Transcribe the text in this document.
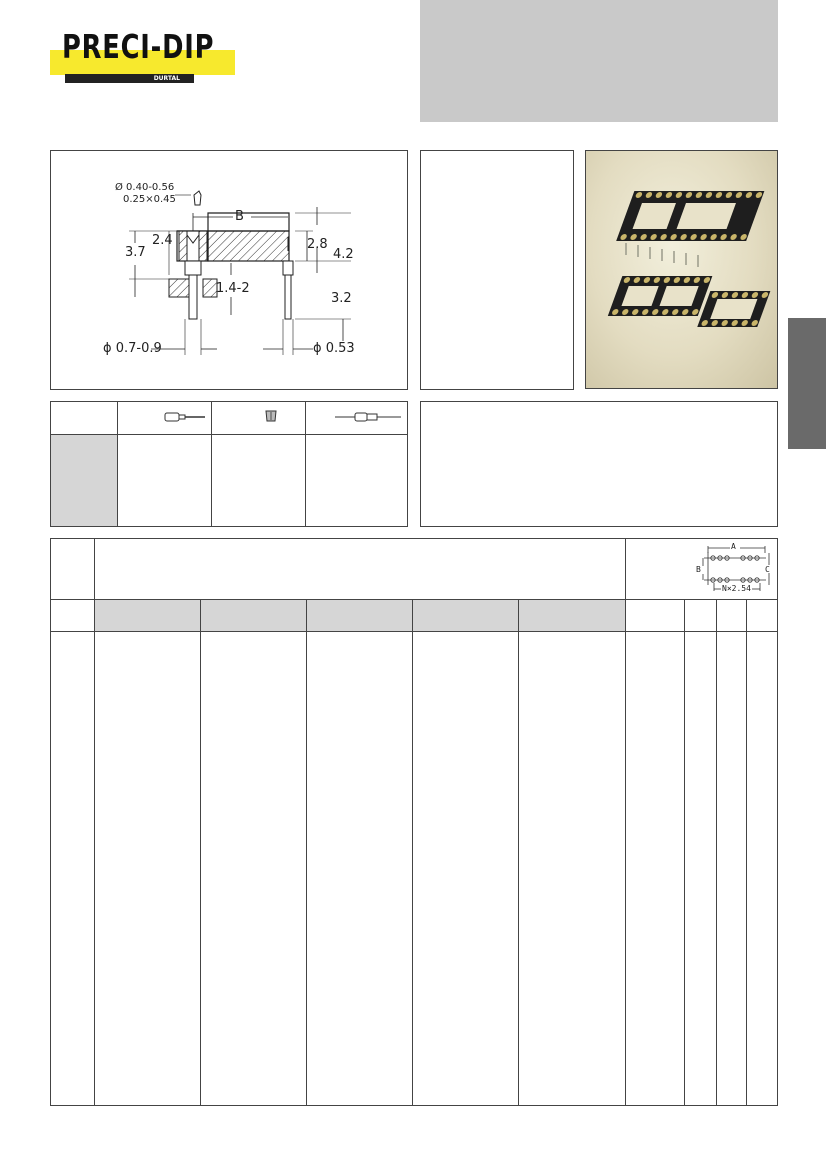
PRECI-DIP
DURTAL
Ø 0.40-0.56
0.25×0.45
B
3.7
2.4	2.8
4.2
1.4-2
3.2
ϕ 0.7-0.9	ϕ 0.53
A
B	C
N×2.54
